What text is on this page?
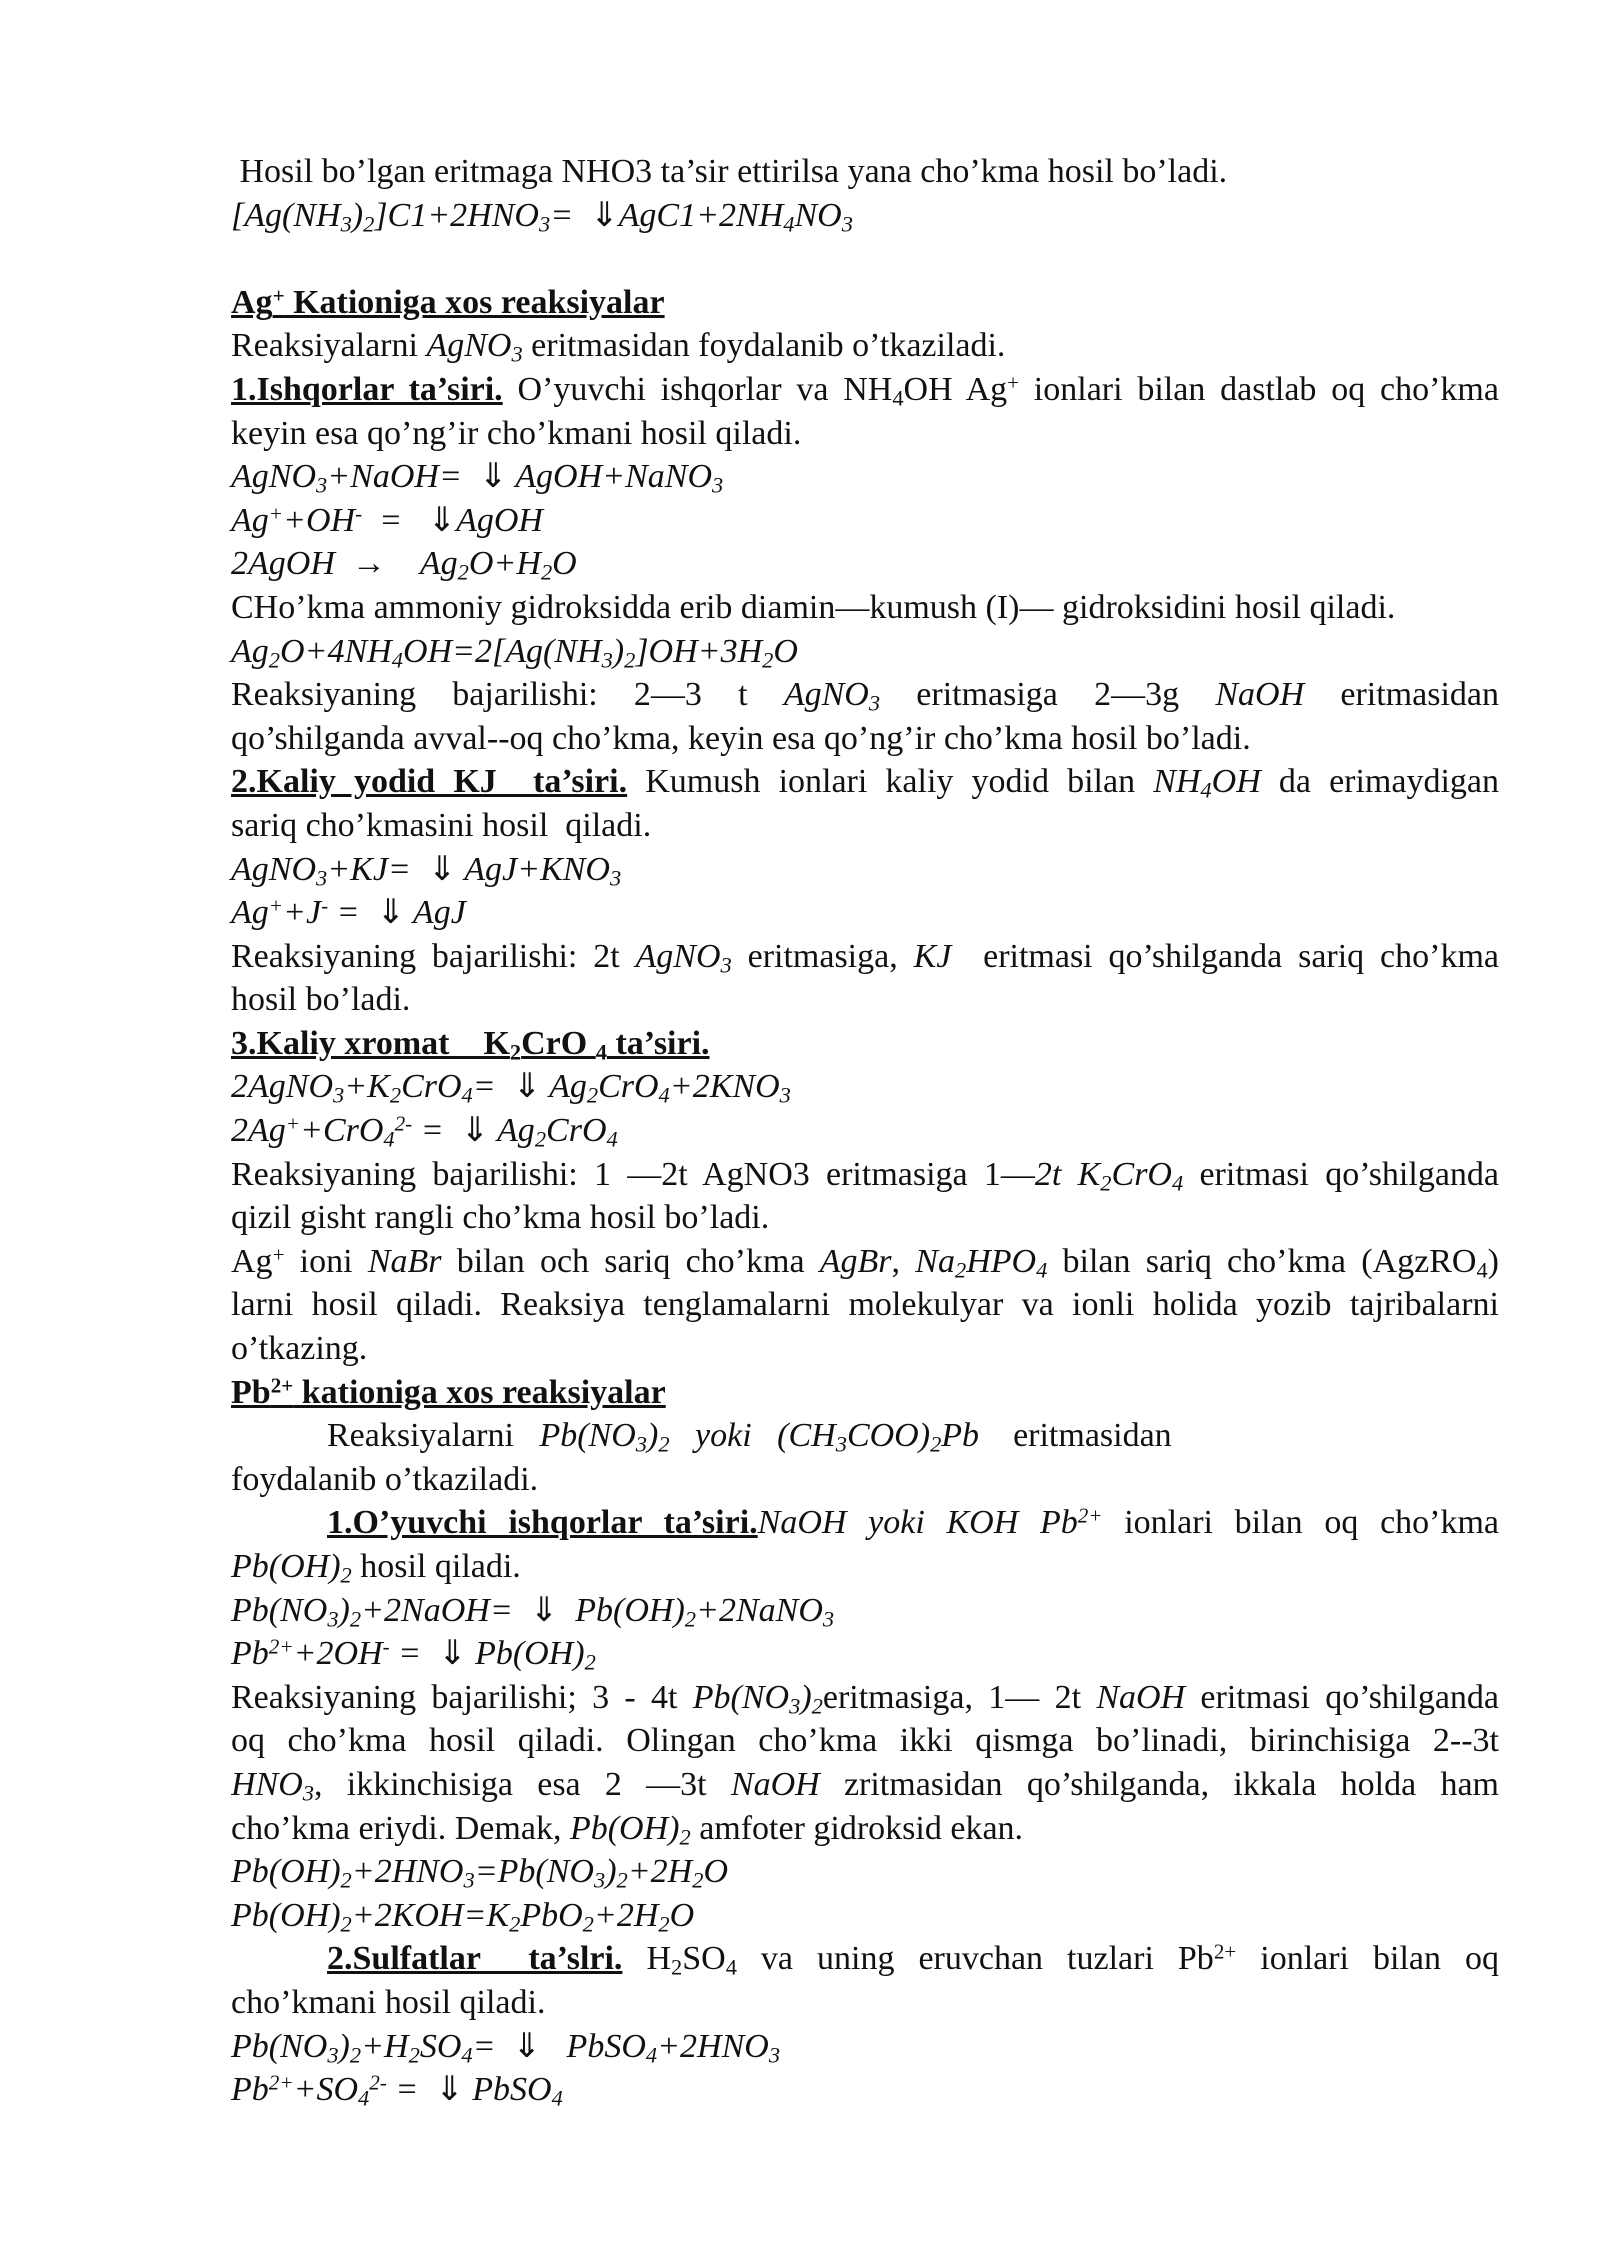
Hosil bo’lgan eritmaga NHO3 ta’sir ettirilsa yana cho’kma hosil bo’ladi.
$[Ag(NH_3)_2]C1+2HNO_3=$  $⇓AgC1+2NH_4NO_3$
Ag+ Kationiga xos reaksiyalar
Reaksiyalarni AgNO$_3$ eritmasidan foydalanib o’tkaziladi.
1.Ishqorlar ta’siri. O’yuvchi ishqorlar va $NH_4OH$ Ag+ ionlari bilan dastlab oq cho’kma
keyin esa qo’ng’ir cho’kmani hosil qiladi.
AgNO$_3$+NaOH=  ⇓ AgOH+NaNO$_3$
Ag++OH-  =   ⇓AgOH
2AgOH  →    $Ag_2O+H_2O$
CHo’kma ammoniy gidroksidda erib diamin—kumush (I)— gidroksidini hosil qiladi.
$Ag_2O+4NH_4OH=2[Ag(NH_3)_2]OH+3H_2O$
Reaksiyaning bajarilishi: 2—3 t AgNO$_3$ eritmasiga 2—3g NaOH eritmasidan
qo’shilganda avval--oq cho’kma, keyin esa qo’ng’ir cho’kma hosil bo’ladi.
2.Kaliy yodid KJ  ta’siri. Kumush ionlari kaliy yodid bilan $NH_4OH$ da erimaydigan
sariq cho’kmasini hosil  qiladi.
AgNO$_3$+KJ=  ⇓ $AgJ+KNO_3$
Ag++J- =  ⇓ AgJ
Reaksiyaning bajarilishi: 2t AgNO$_3$ eritmasiga, KJ  eritmasi qo’shilganda sariq cho’kma
hosil bo’ladi.
3.Kaliy xromat    $K_2CrO$ $_4$ ta’siri.
$2AgNO_3+K_2CrO_4=$  ⇓ $Ag_2CrO_4+2KNO_3$
2Ag++CrO$_4^{2-}$ =  ⇓ $Ag_2CrO_4$
Reaksiyaning bajarilishi: 1 —2t AgNO3 eritmasiga 1—2t $K_2CrO_4$ eritmasi qo’shilganda
qizil gisht rangli cho’kma hosil bo’ladi.
Ag+ ioni NaBr bilan och sariq cho’kma AgBr, $Na_2HPO_4$ bilan sariq cho’kma (AgzRO$_4$)
larni hosil qiladi. Reaksiya tenglamalarni molekulyar va ionli holida yozib tajribalarni
o’tkazing.
$Pb^{2+}$ kationiga xos reaksiyalar
Reaksiyalarni   $Pb(NO_3)_2$ yoki $(CH_3COO)_2Pb$    eritmasidan
foydalanib o’tkaziladi.
1.O’yuvchi ishqorlar ta’siri.NaOH yoki KOH $Pb^{2+}$ ionlari bilan oq cho’kma
$Pb(OH)_2$ hosil qiladi.
$Pb(NO_3)_2+2NaOH=$  ⇓  $Pb(OH)_2+2NaNO_3$
$Pb^{2+}+2OH^-$ =  ⇓ $Pb(OH)_2$
Reaksiyaning bajarilishi; 3 - 4t $Pb(NO_3)_2eritmasiga$, 1— 2t NaOH eritmasi qo’shilganda
oq cho’kma hosil qiladi. Olingan cho’kma ikki qismga bo’linadi, birinchisiga 2--3t
$HNO_3$, ikkinchisiga esa 2 —3t NaOH zritmasidan qo’shilganda, ikkala holda ham
cho’kma eriydi. Demak, $Pb(OH)_2$ amfoter gidroksid ekan.
$Pb(OH)_2+2HNO_3=Pb(NO_3)_2+2H_2O$
$Pb(OH)_2+2KOH=K_2PbO_2+2H_2O$
2.Sulfatlar  ta’slri. $H_2SO_4$ va uning eruvchan tuzlari $Pb^{2+}$ ionlari bilan oq
cho’kmani hosil qiladi.
$Pb(NO_3)_2+H_2SO_4=$  ⇓   $PbSO_4+2HNO_3$
$Pb^{2+}+SO_4^{2-}$ =  ⇓ PbSO$_4$
